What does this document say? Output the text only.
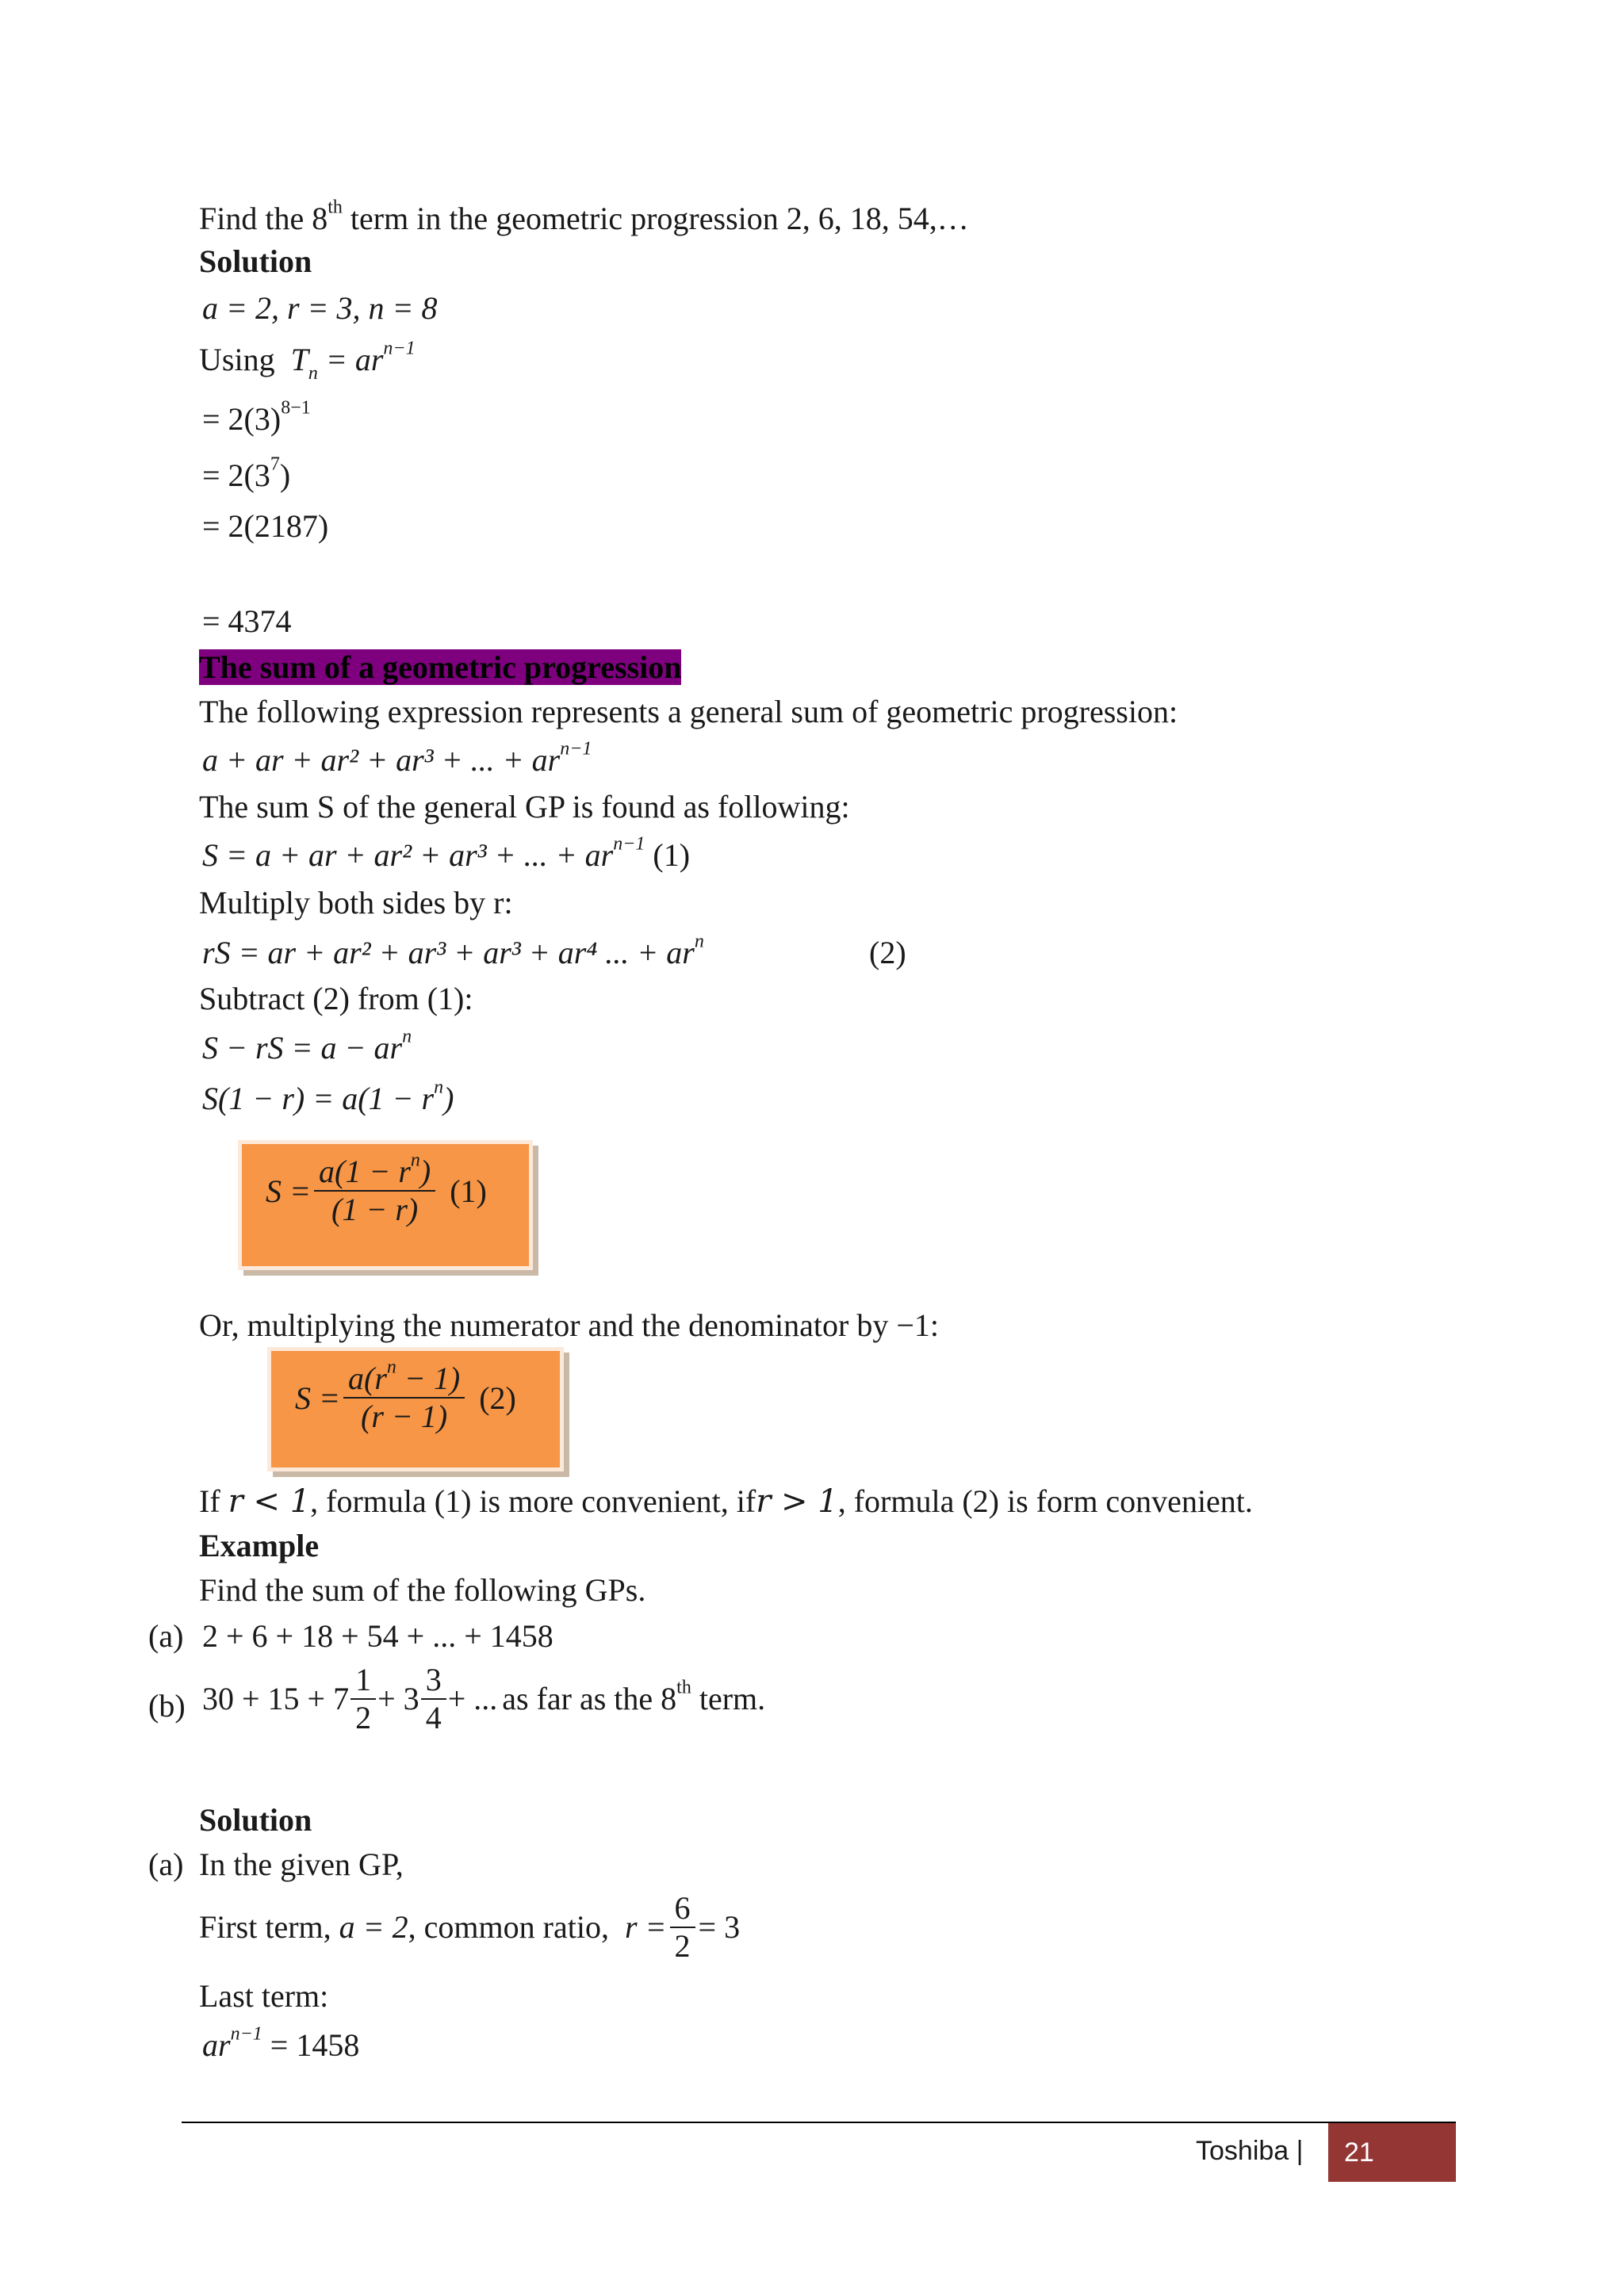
Find the 8th term in the geometric progression 2, 6, 18, 54,…
Solution
a = 2, r = 3, n = 8
Using $T_n = ar^{n-1}$
= $2(3)^{8-1}$
= $2(3^7)$
= 2(2187)
= 4374
The sum of a geometric progression
The following expression represents a general sum of geometric progression:
a + ar + ar² + ar³ + ... + $ar^{n-1}$
The sum S of the general GP is found as following:
S = a + ar + ar² + ar³ + ... + $ar^{n-1}$ (1)
Multiply both sides by r:
rS = ar + ar² + ar³ + ar³ + ar⁴ ... + $ar^n$	(2)
Subtract (2) from (1):
S − rS = $a - ar^n$
$S(1 - r) = a(1 - r^n)$
$S = \frac{a(1 - r^n)}{(1 - r)} (1)$
Or, multiplying the numerator and the denominator by −1:
$S = \frac{a(r^n - 1)}{(r - 1)} (2)$
If r < 1, formula (1) is more convenient, ifr > 1, formula (2) is form convenient.
Example
Find the sum of the following GPs.
(a) 2 + 6 + 18 + 54 + ... + 1458
(b) $30 + 15 + 7 \frac{1}{2} + 3 \frac{3}{4}$ + ... as far as the 8th term.
Solution
(a) In the given GP,
First term,
a = 2 , common ratio,
$r = \frac{6}{2} = 3$
Last term:
$ar^{n-1} = 1458$
Toshiba |	21
